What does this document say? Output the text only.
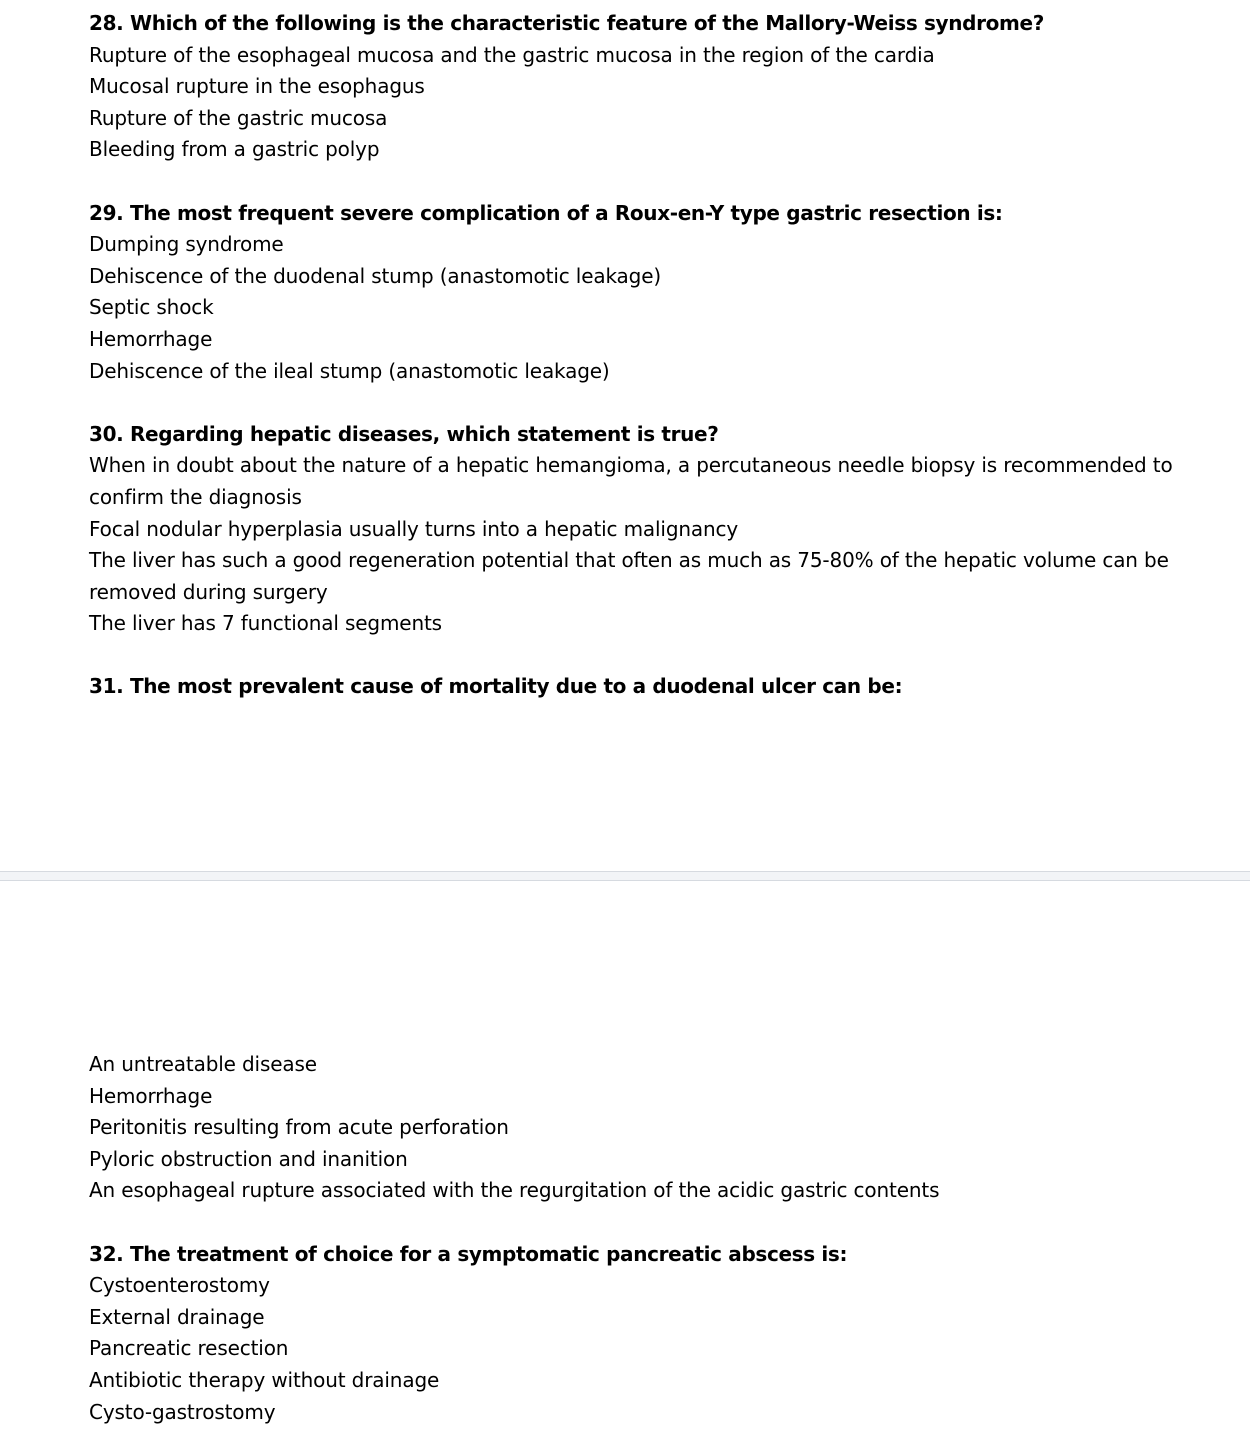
28. Which of the following is the characteristic feature of the Mallory-Weiss syndrome?
Rupture of the esophageal mucosa and the gastric mucosa in the region of the cardia
Mucosal rupture in the esophagus
Rupture of the gastric mucosa
Bleeding from a gastric polyp
29. The most frequent severe complication of a Roux-en-Y type gastric resection is:
Dumping syndrome
Dehiscence of the duodenal stump (anastomotic leakage)
Septic shock
Hemorrhage
Dehiscence of the ileal stump (anastomotic leakage)
30. Regarding hepatic diseases, which statement is true?
When in doubt about the nature of a hepatic hemangioma, a percutaneous needle biopsy is recommended to confirm the diagnosis
Focal nodular hyperplasia usually turns into a hepatic malignancy
The liver has such a good regeneration potential that often as much as 75-80% of the hepatic volume can be removed during surgery
The liver has 7 functional segments
31. The most prevalent cause of mortality due to a duodenal ulcer can be:
An untreatable disease
Hemorrhage
Peritonitis resulting from acute perforation
Pyloric obstruction and inanition
An esophageal rupture associated with the regurgitation of the acidic gastric contents
32. The treatment of choice for a symptomatic pancreatic abscess is:
Cystoenterostomy
External drainage
Pancreatic resection
Antibiotic therapy without drainage
Cysto-gastrostomy
